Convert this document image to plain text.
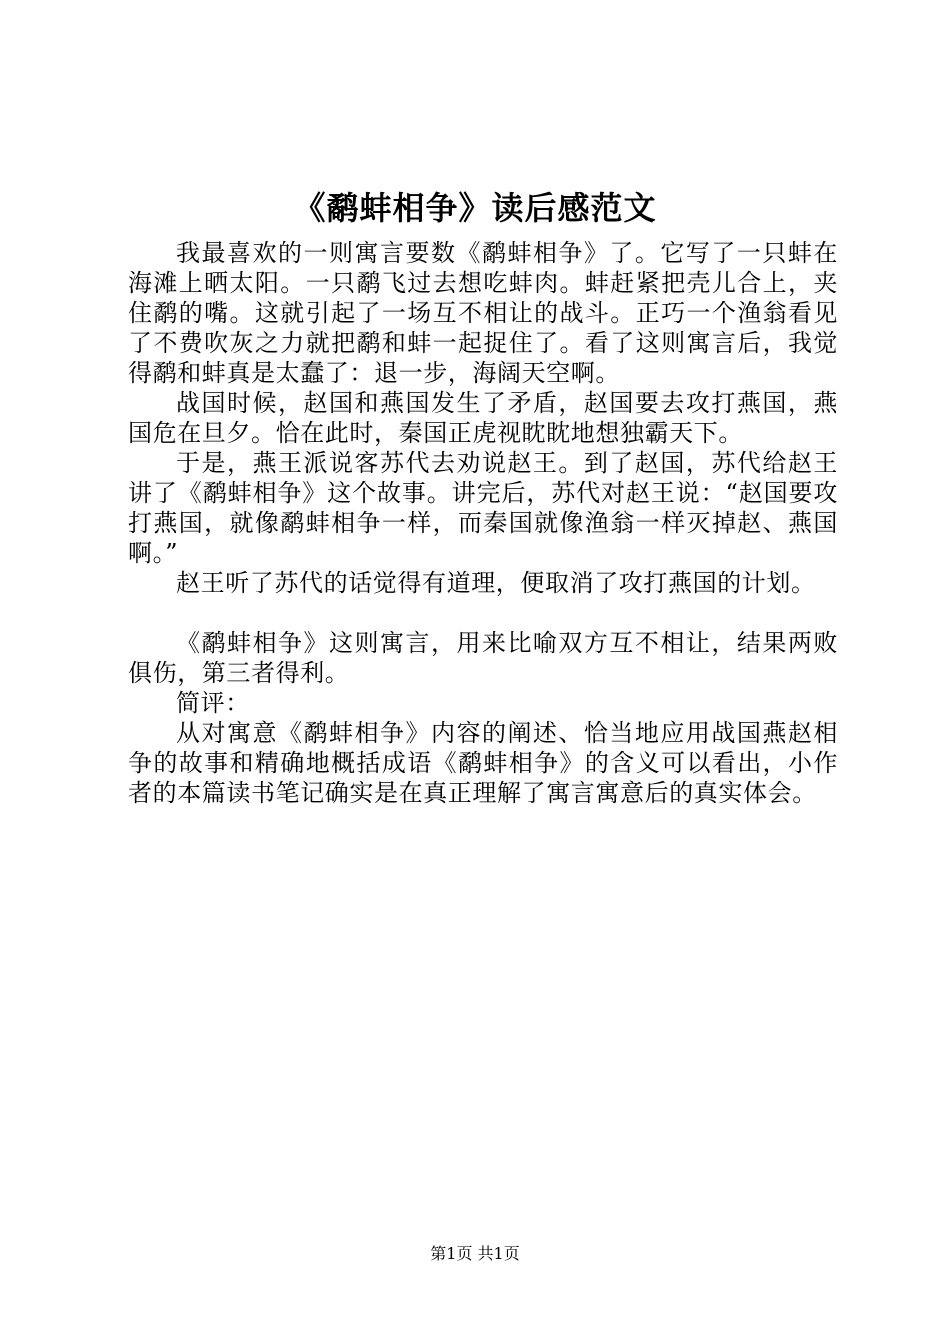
《鹬蚌相争》读后感范文

我最喜欢的一则寓言要数《鹬蚌相争》了。它写了一只蚌在海滩上晒太阳。一只鹬飞过去想吃蚌肉。蚌赶紧把壳儿合上，夹住鹬的嘴。这就引起了一场互不相让的战斗。正巧一个渔翁看见了不费吹灰之力就把鹬和蚌一起捉住了。看了这则寓言后，我觉得鹬和蚌真是太蠢了：退一步，海阔天空啊。

战国时候，赵国和燕国发生了矛盾，赵国要去攻打燕国，燕国危在旦夕。恰在此时，秦国正虎视眈眈地想独霸天下。

于是，燕王派说客苏代去劝说赵王。到了赵国，苏代给赵王讲了《鹬蚌相争》这个故事。讲完后，苏代对赵王说：“赵国要攻打燕国，就像鹬蚌相争一样，而秦国就像渔翁一样灭掉赵、燕国啊。”

赵王听了苏代的话觉得有道理，便取消了攻打燕国的计划。

《鹬蚌相争》这则寓言，用来比喻双方互不相让，结果两败俱伤，第三者得利。

简评：

从对寓意《鹬蚌相争》内容的阐述、恰当地应用战国燕赵相争的故事和精确地概括成语《鹬蚌相争》的含义可以看出，小作者的本篇读书笔记确实是在真正理解了寓言寓意后的真实体会。

第1页 共1页
